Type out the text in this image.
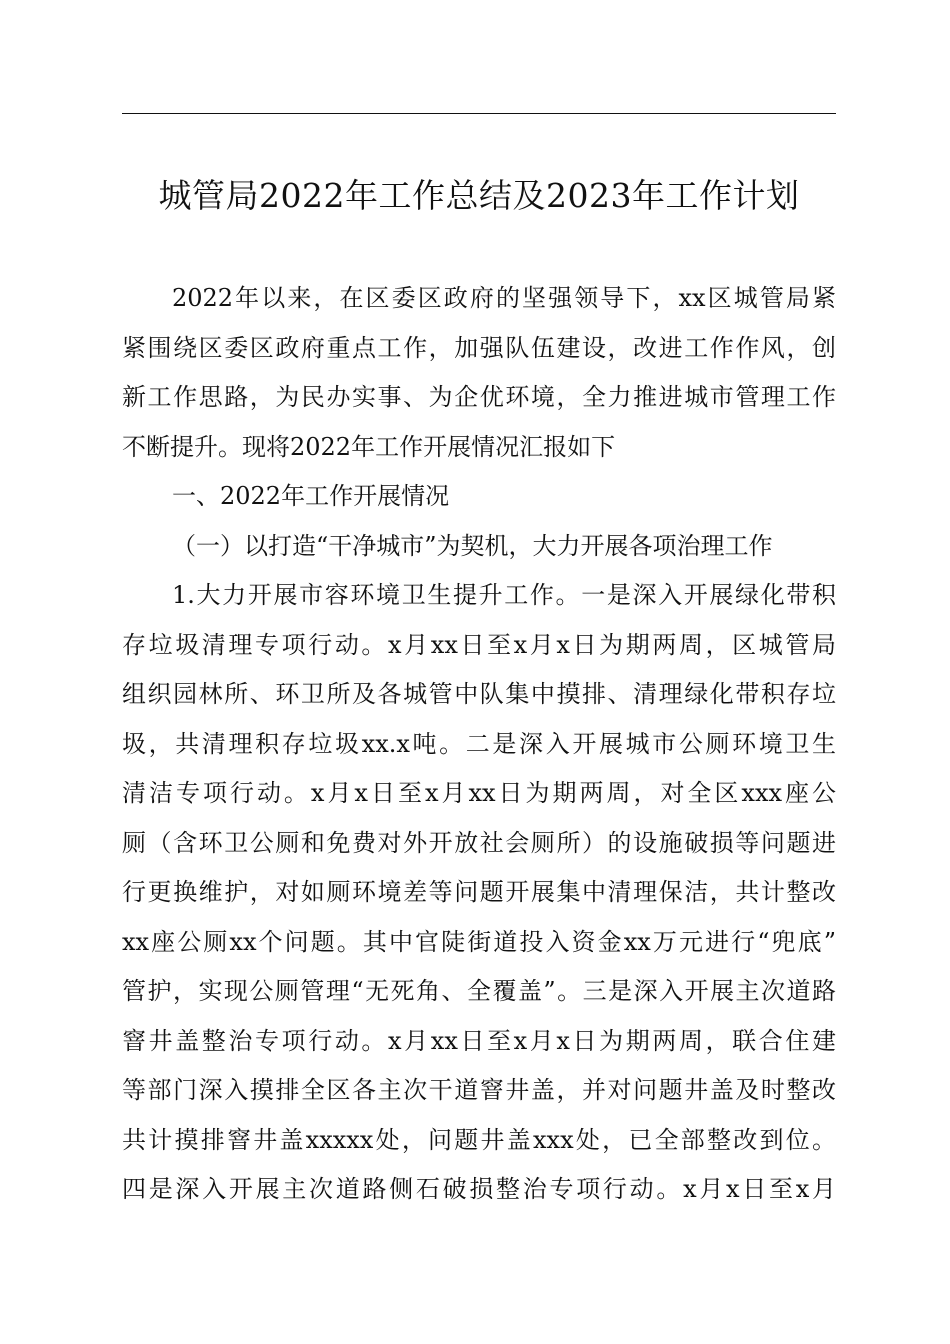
城管局2022年工作总结及2023年工作计划
2022年以来，在区委区政府的坚强领导下，xx区城管局紧
紧围绕区委区政府重点工作，加强队伍建设，改进工作作风，创
新工作思路，为民办实事、为企优环境，全力推进城市管理工作
不断提升。现将2022年工作开展情况汇报如下
一、2022年工作开展情况
（一）以打造“干净城市”为契机，大力开展各项治理工作
1.大力开展市容环境卫生提升工作。一是深入开展绿化带积
存垃圾清理专项行动。x月xx日至x月x日为期两周，区城管局
组织园林所、环卫所及各城管中队集中摸排、清理绿化带积存垃
圾，共清理积存垃圾xx.x吨。二是深入开展城市公厕环境卫生
清洁专项行动。x月x日至x月xx日为期两周，对全区xxx座公
厕（含环卫公厕和免费对外开放社会厕所）的设施破损等问题进
行更换维护，对如厕环境差等问题开展集中清理保洁，共计整改
xx座公厕xx个问题。其中官陡街道投入资金xx万元进行“兜底”
管护，实现公厕管理“无死角、全覆盖”。三是深入开展主次道路
窨井盖整治专项行动。x月xx日至x月x日为期两周，联合住建
等部门深入摸排全区各主次干道窨井盖，并对问题井盖及时整改
共计摸排窨井盖xxxxx处，问题井盖xxx处，已全部整改到位。
四是深入开展主次道路侧石破损整治专项行动。x月x日至x月
